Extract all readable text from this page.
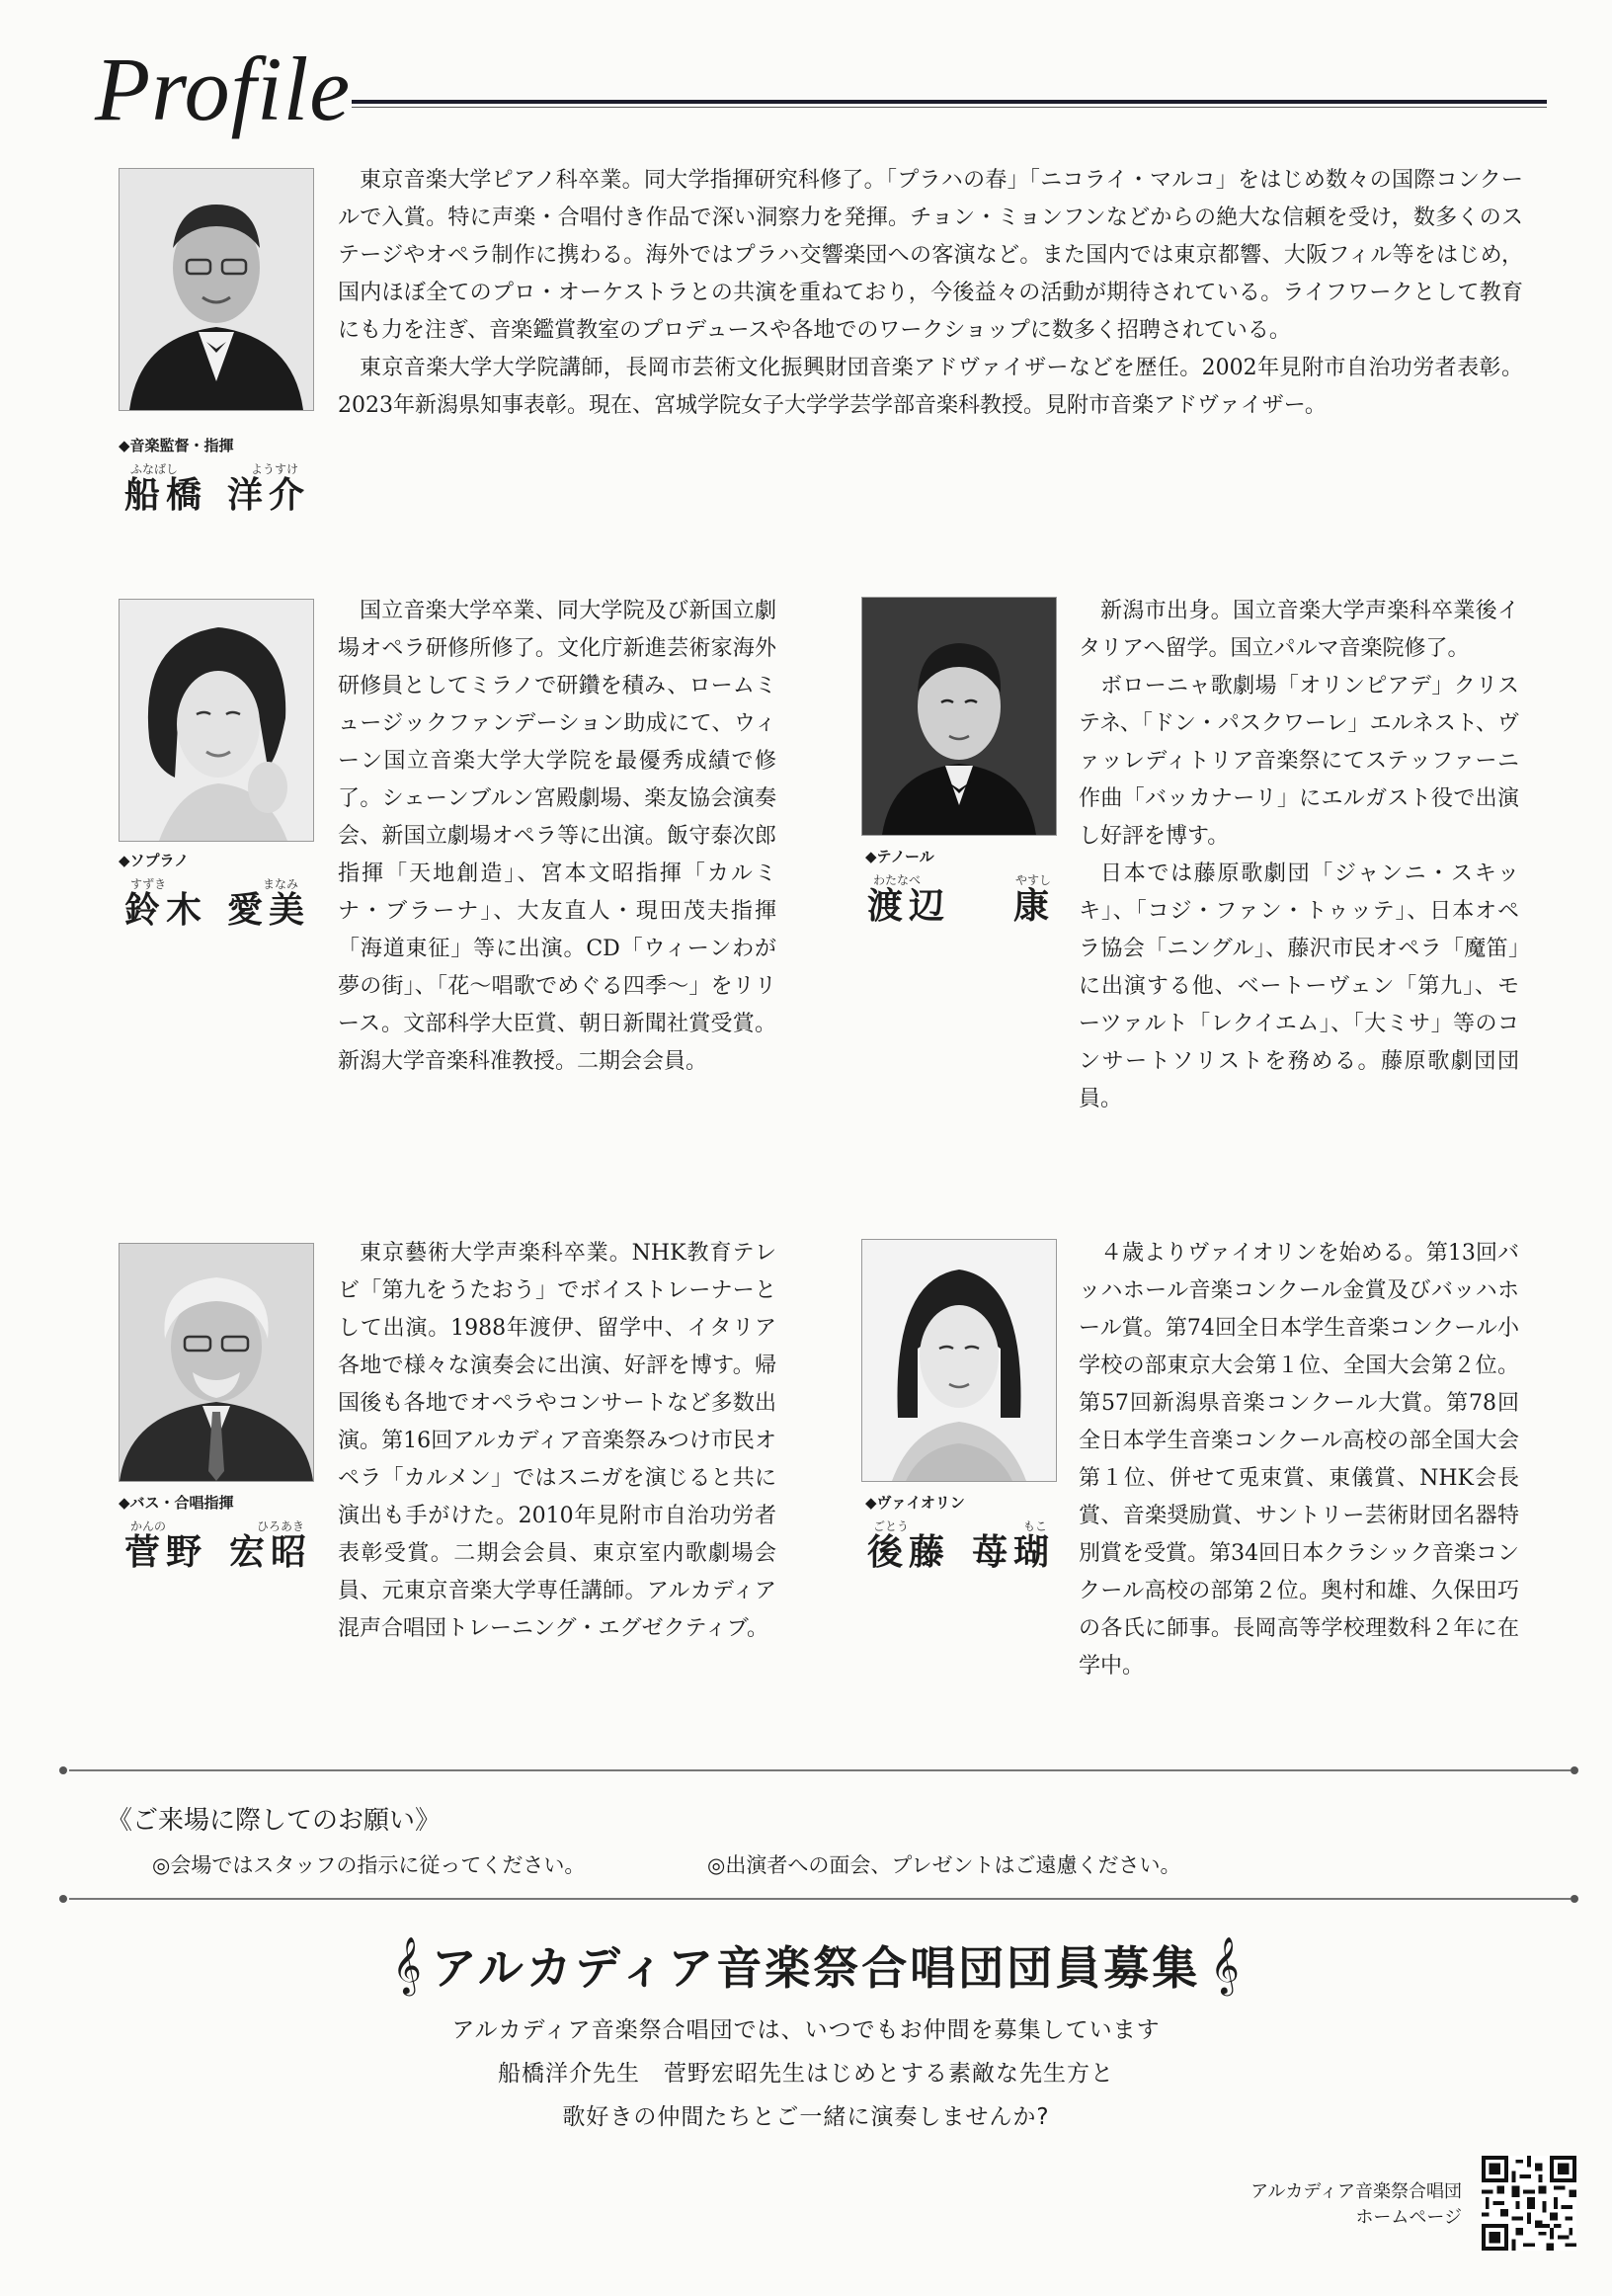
Profile
◆音楽監督・指揮
ふなばし	ようすけ
船橋 洋介

東京音楽大学ピアノ科卒業。同大学指揮研究科修了。「プラハの春」「ニコライ・マルコ」をはじめ数々の国際コンクールで入賞。特に声楽・合唱付き作品で深い洞察力を発揮。チョン・ミョンフンなどからの絶大な信頼を受け，数多くのステージやオペラ制作に携わる。海外ではプラハ交響楽団への客演など。また国内では東京都響、大阪フィル等をはじめ，国内ほぼ全てのプロ・オーケストラとの共演を重ねており，今後益々の活動が期待されている。ライフワークとして教育にも力を注ぎ、音楽鑑賞教室のプロデュースや各地でのワークショップに数多く招聘されている。

東京音楽大学大学院講師，長岡市芸術文化振興財団音楽アドヴァイザーなどを歴任。2002年見附市自治功労者表彰。2023年新潟県知事表彰。現在、宮城学院女子大学学芸学部音楽科教授。見附市音楽アドヴァイザー。

◆ソプラノ
すずき	まなみ
鈴木 愛美

国立音楽大学卒業、同大学院及び新国立劇場オペラ研修所修了。文化庁新進芸術家海外研修員としてミラノで研鑽を積み、ロームミュージックファンデーション助成にて、ウィーン国立音楽大学大学院を最優秀成績で修了。シェーンブルン宮殿劇場、楽友協会演奏会、新国立劇場オペラ等に出演。飯守泰次郎指揮「天地創造」、宮本文昭指揮「カルミナ・ブラーナ」、大友直人・現田茂夫指揮「海道東征」等に出演。CD「ウィーンわが夢の街」、「花～唱歌でめぐる四季～」をリリース。文部科学大臣賞、朝日新聞社賞受賞。新潟大学音楽科准教授。二期会会員。

◆テノール
わたなべ	やすし
渡辺 康

新潟市出身。国立音楽大学声楽科卒業後イタリアへ留学。国立パルマ音楽院修了。

ボローニャ歌劇場「オリンピアデ」クリステネ、「ドン・パスクワーレ」エルネスト、ヴァッレディトリア音楽祭にてステッファーニ作曲「バッカナーリ」にエルガスト役で出演し好評を博す。

日本では藤原歌劇団「ジャンニ・スキッキ」、「コジ・ファン・トゥッテ」、日本オペラ協会「ニングル」、藤沢市民オペラ「魔笛」に出演する他、ベートーヴェン「第九」、モーツァルト「レクイエム」、「大ミサ」等のコンサートソリストを務める。藤原歌劇団団員。

◆バス・合唱指揮
かんの	ひろあき
菅野 宏昭

東京藝術大学声楽科卒業。NHK教育テレビ「第九をうたおう」でボイストレーナーとして出演。1988年渡伊、留学中、イタリア各地で様々な演奏会に出演、好評を博す。帰国後も各地でオペラやコンサートなど多数出演。第16回アルカディア音楽祭みつけ市民オペラ「カルメン」ではスニガを演じると共に演出も手がけた。2010年見附市自治功労者表彰受賞。二期会会員、東京室内歌劇場会員、元東京音楽大学専任講師。アルカディア混声合唱団トレーニング・エグゼクティブ。

◆ヴァイオリン
ごとう	もこ
後藤 苺瑚

４歳よりヴァイオリンを始める。第13回バッハホール音楽コンクール金賞及びバッハホール賞。第74回全日本学生音楽コンクール小学校の部東京大会第１位、全国大会第２位。第57回新潟県音楽コンクール大賞。第78回全日本学生音楽コンクール高校の部全国大会第１位、併せて兎束賞、東儀賞、NHK会長賞、音楽奨励賞、サントリー芸術財団名器特別賞を受賞。第34回日本クラシック音楽コンクール高校の部第２位。奥村和雄、久保田巧の各氏に師事。長岡高等学校理数科２年に在学中。

《ご来場に際してのお願い》
◎会場ではスタッフの指示に従ってください。	◎出演者への面会、プレゼントはご遠慮ください。
𝄞 アルカディア音楽祭合唱団団員募集 𝄞
アルカディア音楽祭合唱団では、いつでもお仲間を募集しています
船橋洋介先生　菅野宏昭先生はじめとする素敵な先生方と
歌好きの仲間たちとご一緒に演奏しませんか?
アルカディア音楽祭合唱団
ホームページ
